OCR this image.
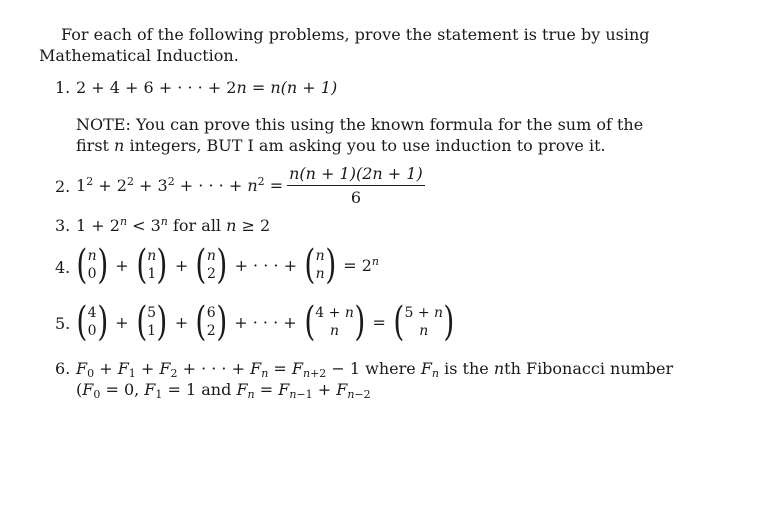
For each of the following problems, prove the statement is true by using
Mathematical Induction.
1. 2 + 4 + 6 + · · · + 2n = n(n + 1)
NOTE: You can prove this using the known formula for the sum of the
first n integers, BUT I am asking you to use induction to prove it.
2. $1^2 + 2^2 + 3^2$ + · · · + $n^2 = \frac{n(n + 1)(2n + 1)}{6}$
3. $1 + 2^n < 3^n$ for all n ≥ 2
4. ( n
0 ) + ( n
1 ) + ( n
2 ) + · · · + ( n
n ) = $2^n$
5. ( 4
0 ) + ( 5
1 ) + ( 6
2 ) + · · · + ( 4 + n
n ) = ( 5 + n
n )
6. $F_0 + F_1 + F_2$ + · · · + $F_n = F_{n+2} - 1$ where $F_n$ is the nth Fibonacci number
($F_0 = 0$, $F_1 = 1$ and $F_n = F_{n-1} + F_{n-2}$
